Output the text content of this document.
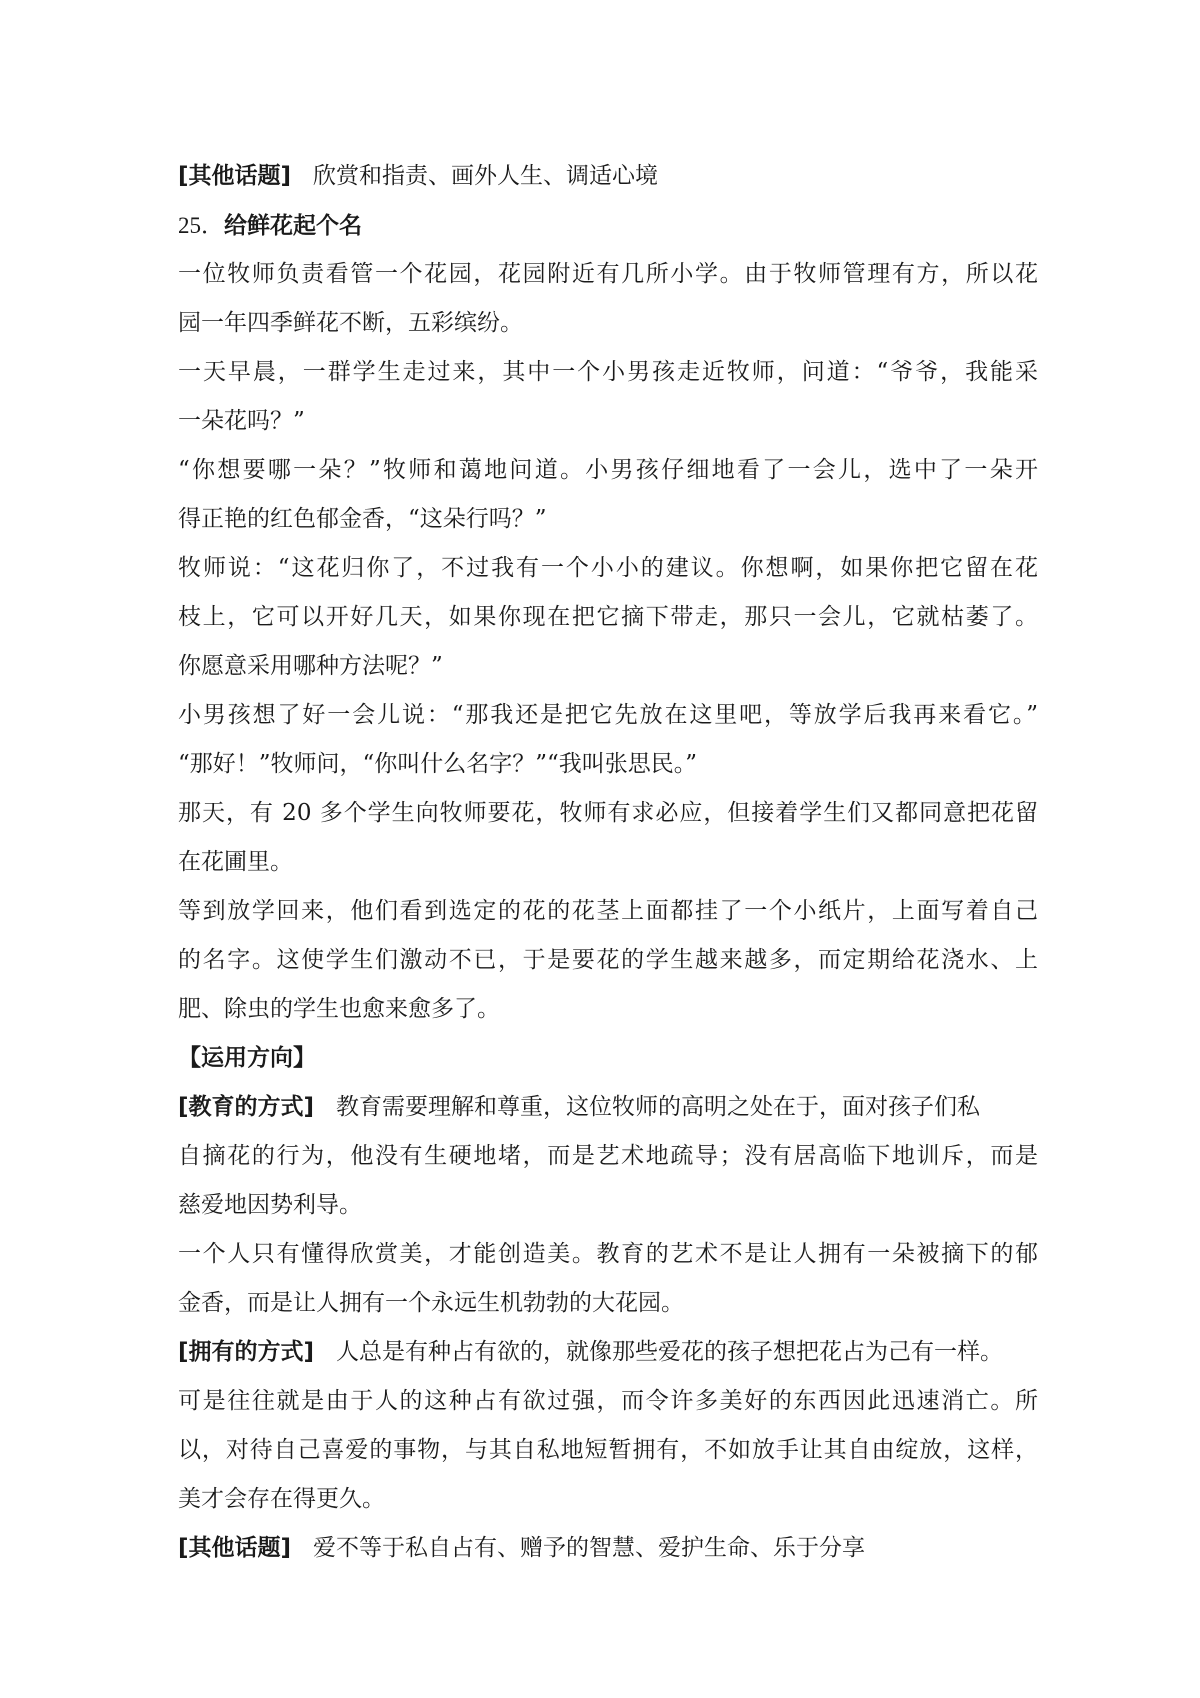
[其他话题] 欣赏和指责、画外人生、调适心境
25．给鲜花起个名
一位牧师负责看管一个花园，花园附近有几所小学。由于牧师管理有方，所以花
园一年四季鲜花不断，五彩缤纷。
一天早晨，一群学生走过来，其中一个小男孩走近牧师，问道：“爷爷，我能采
一朵花吗？”
“你想要哪一朵？”牧师和蔼地问道。小男孩仔细地看了一会儿，选中了一朵开
得正艳的红色郁金香，“这朵行吗？”
牧师说：“这花归你了，不过我有一个小小的建议。你想啊，如果你把它留在花
枝上，它可以开好几天，如果你现在把它摘下带走，那只一会儿，它就枯萎了。
你愿意采用哪种方法呢？”
小男孩想了好一会儿说：“那我还是把它先放在这里吧，等放学后我再来看它。”
“那好！”牧师问，“你叫什么名字？”“我叫张思民。”
那天，有 20 多个学生向牧师要花，牧师有求必应，但接着学生们又都同意把花留
在花圃里。
等到放学回来，他们看到选定的花的花茎上面都挂了一个小纸片，上面写着自己
的名字。这使学生们激动不已，于是要花的学生越来越多，而定期给花浇水、上
肥、除虫的学生也愈来愈多了。
【运用方向】
[教育的方式] 教育需要理解和尊重，这位牧师的高明之处在于，面对孩子们私
自摘花的行为，他没有生硬地堵，而是艺术地疏导；没有居高临下地训斥，而是
慈爱地因势利导。
一个人只有懂得欣赏美，才能创造美。教育的艺术不是让人拥有一朵被摘下的郁
金香，而是让人拥有一个永远生机勃勃的大花园。
[拥有的方式] 人总是有种占有欲的，就像那些爱花的孩子想把花占为己有一样。
可是往往就是由于人的这种占有欲过强，而令许多美好的东西因此迅速消亡。所
以，对待自己喜爱的事物，与其自私地短暂拥有，不如放手让其自由绽放，这样，
美才会存在得更久。
[其他话题] 爱不等于私自占有、赠予的智慧、爱护生命、乐于分享
